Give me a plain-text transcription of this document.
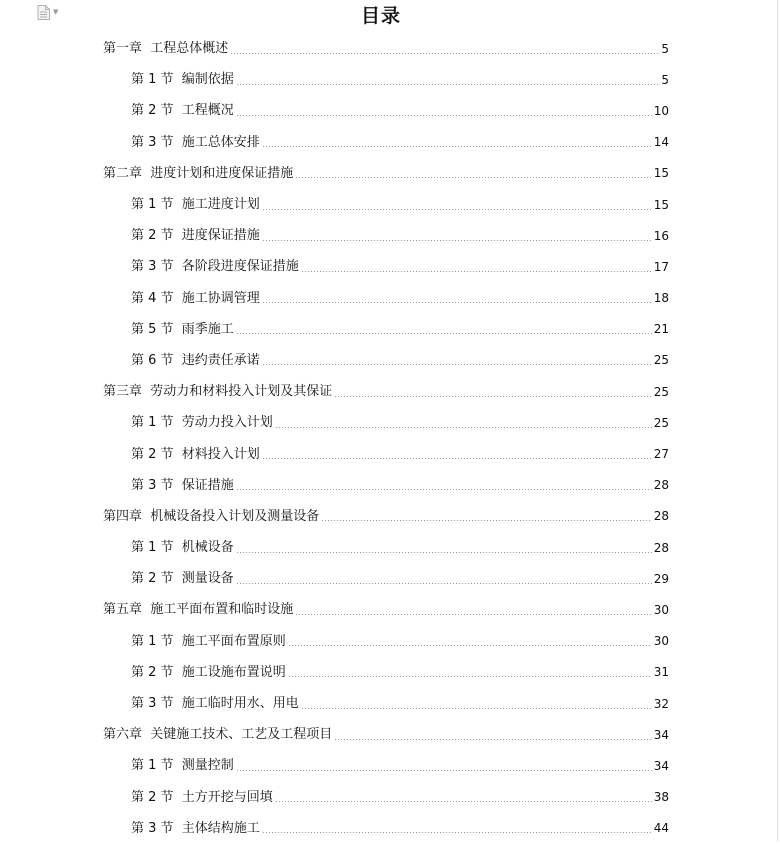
▼	目录
第一章  工程总体概述	5
第 1 节  编制依据	5
第 2 节  工程概况	10
第 3 节  施工总体安排	14
第二章  进度计划和进度保证措施	15
第 1 节  施工进度计划	15
第 2 节  进度保证措施	16
第 3 节  各阶段进度保证措施	17
第 4 节  施工协调管理	18
第 5 节  雨季施工	21
第 6 节  违约责任承诺	25
第三章  劳动力和材料投入计划及其保证	25
第 1 节  劳动力投入计划	25
第 2 节  材料投入计划	27
第 3 节  保证措施	28
第四章  机械设备投入计划及测量设备	28
第 1 节  机械设备	28
第 2 节  测量设备	29
第五章  施工平面布置和临时设施	30
第 1 节  施工平面布置原则	30
第 2 节  施工设施布置说明	31
第 3 节  施工临时用水、用电	32
第六章  关键施工技术、工艺及工程项目	34
第 1 节  测量控制	34
第 2 节  土方开挖与回填	38
第 3 节  主体结构施工	44
